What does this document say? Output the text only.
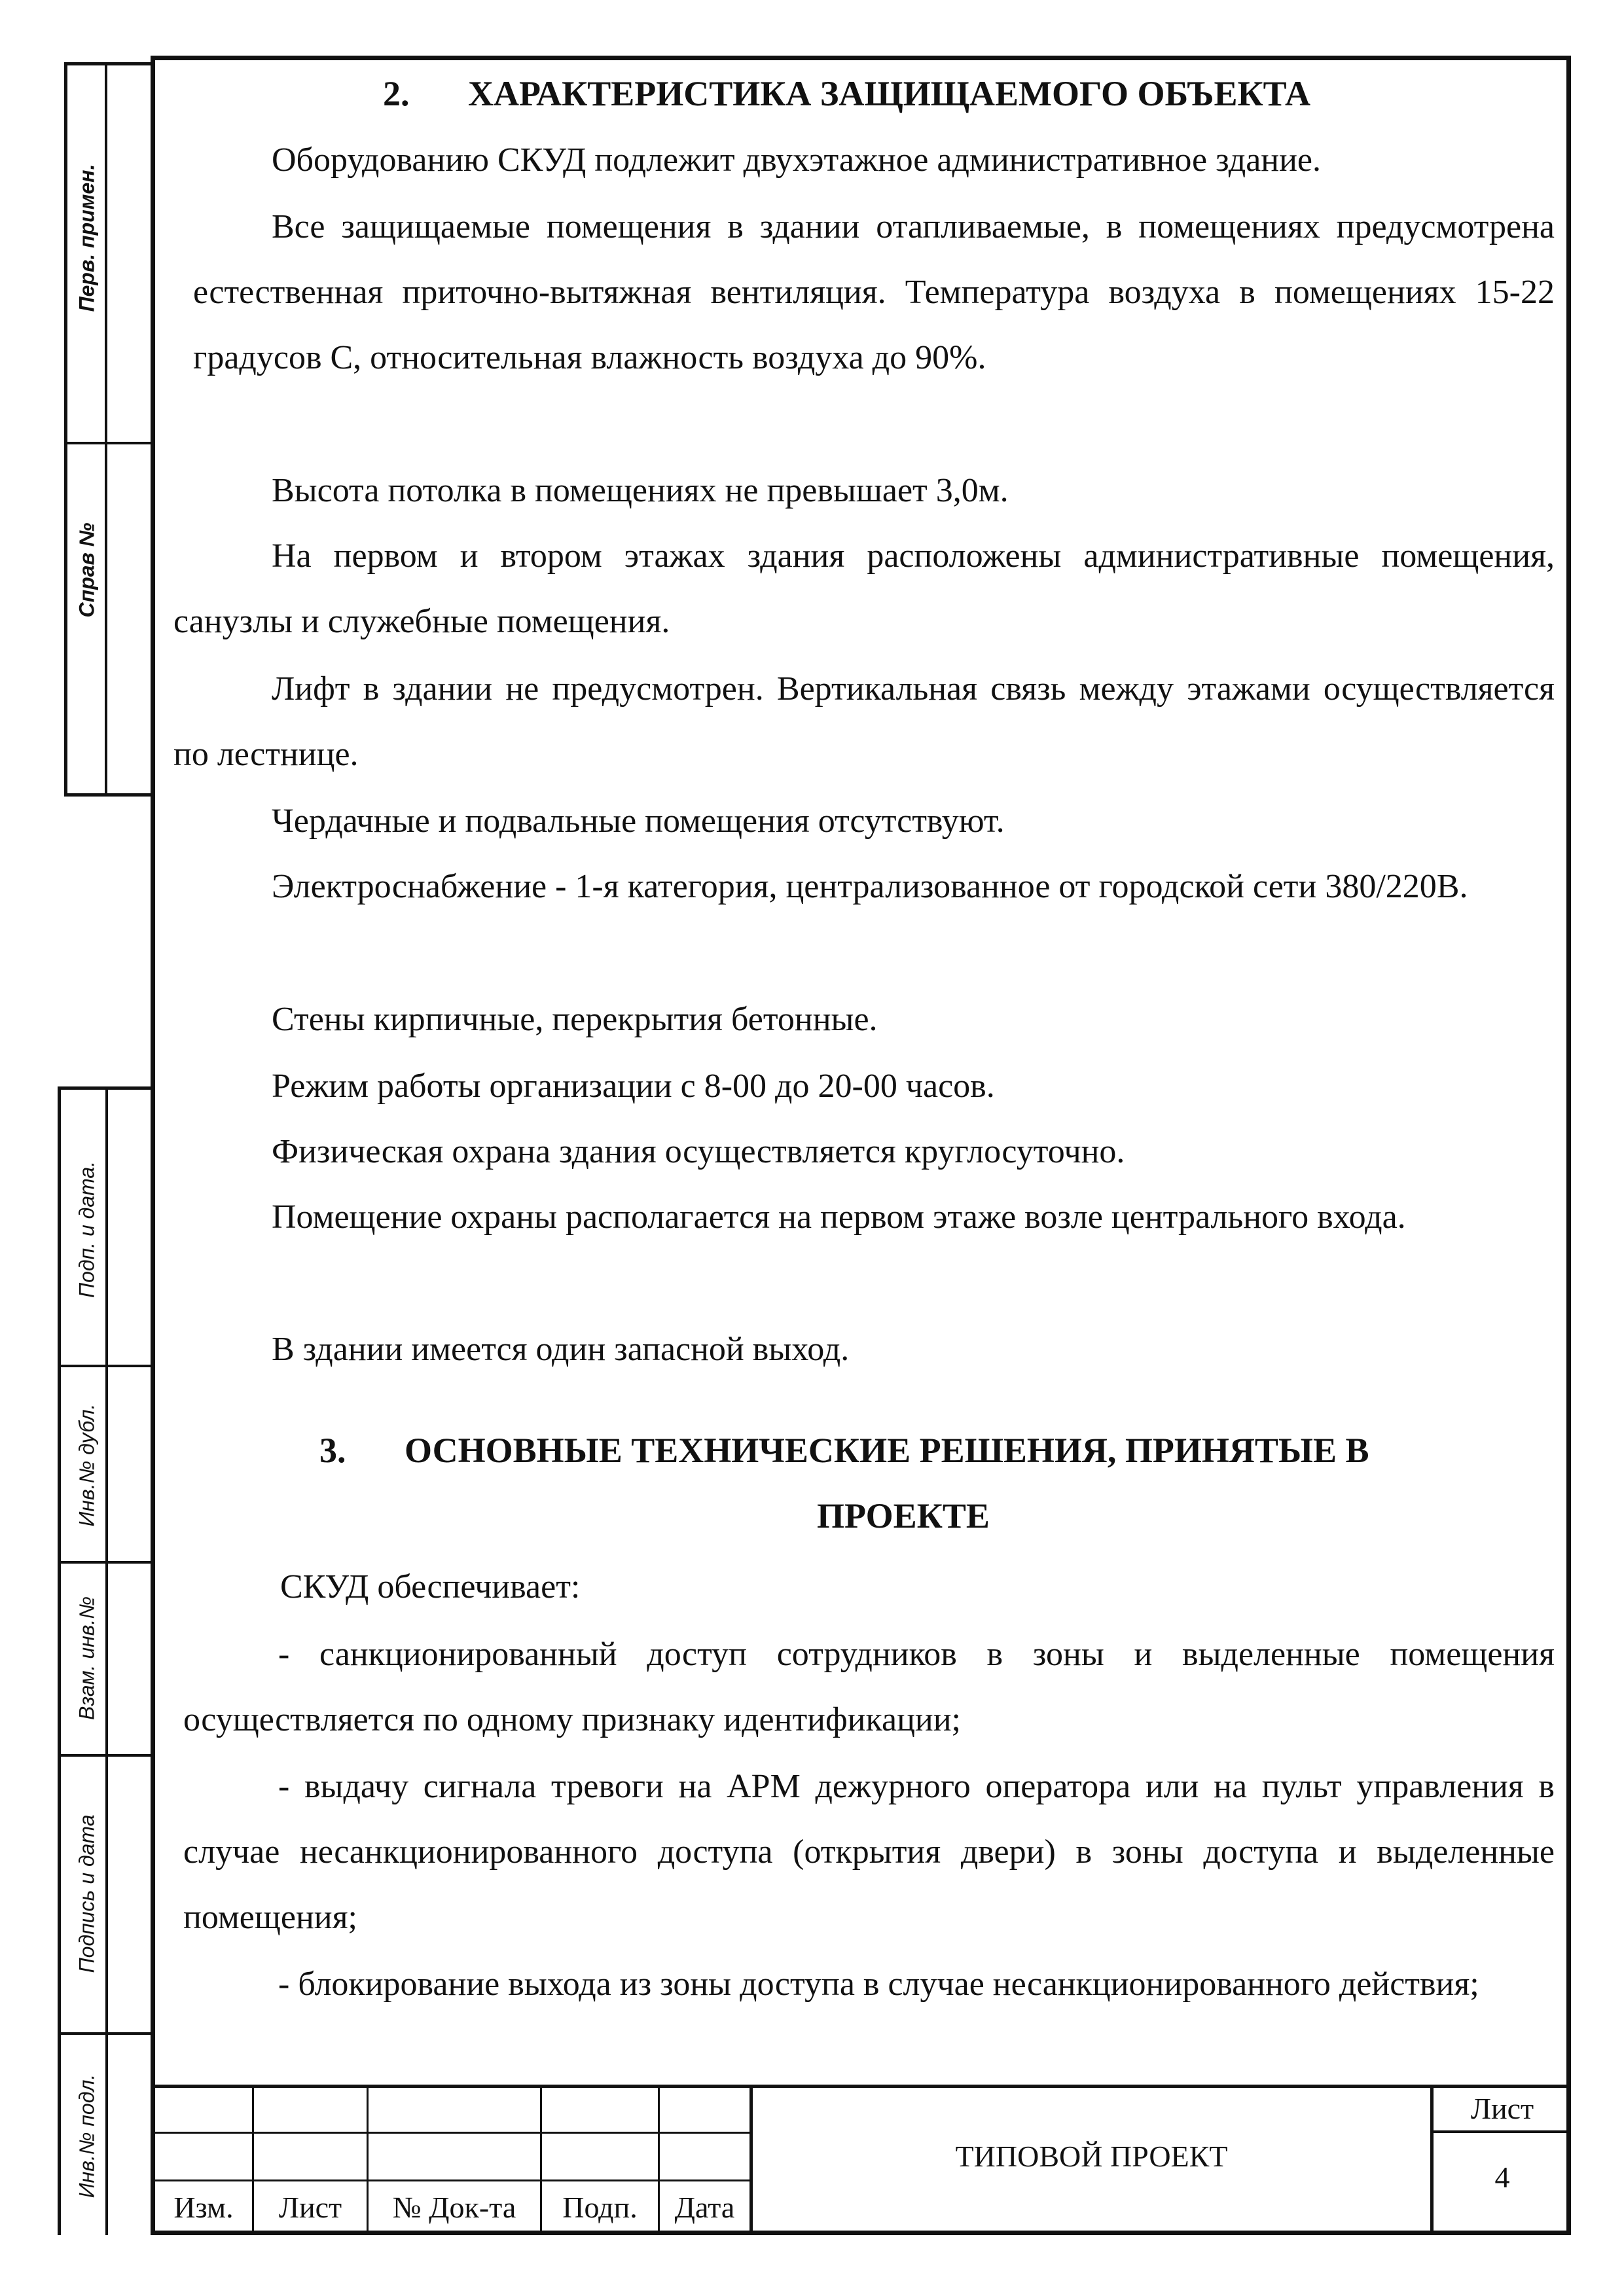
Перв. примен.
Справ №
Подп. и дата.
Инв.№ дубл.
Взам. инв.№
Подпись и дата
Инв.№ подл.
2. ХАРАКТЕРИСТИКА ЗАЩИЩАЕМОГО ОБЪЕКТА
Оборудованию СКУД подлежит двухэтажное административное здание.
Все защищаемые помещения в здании отапливаемые, в помещениях предусмотрена естественная приточно-вытяжная вентиляция. Температура воздуха в помещениях 15-22 градусов С, относительная влажность воздуха до 90%.
Высота потолка в помещениях не превышает 3,0м.
На первом и втором этажах здания расположены административные помещения, санузлы и служебные помещения.
Лифт в здании не предусмотрен. Вертикальная связь между этажами осуществляется по лестнице.
Чердачные и подвальные помещения отсутствуют.
Электроснабжение - 1-я категория, централизованное от городской сети 380/220В.
Стены кирпичные, перекрытия бетонные.
Режим работы организации с 8-00 до 20-00 часов.
Физическая охрана здания осуществляется круглосуточно.
Помещение охраны располагается на первом этаже возле центрального входа.
В здании имеется один запасной выход.
3. ОСНОВНЫЕ ТЕХНИЧЕСКИЕ РЕШЕНИЯ, ПРИНЯТЫЕ В
ПРОЕКТЕ
СКУД обеспечивает:
- санкционированный доступ сотрудников в зоны и выделенные помещения осуществляется по одному признаку идентификации;
- выдачу сигнала тревоги на АРМ дежурного оператора или на пульт управления в случае несанкционированного доступа (открытия двери) в зоны доступа и выделенные помещения;
- блокирование выхода из зоны доступа в случае несанкционированного действия;
Изм.	Лист	№ Док-та	Подп.	Дата
ТИПОВОЙ ПРОЕКТ
Лист
4
